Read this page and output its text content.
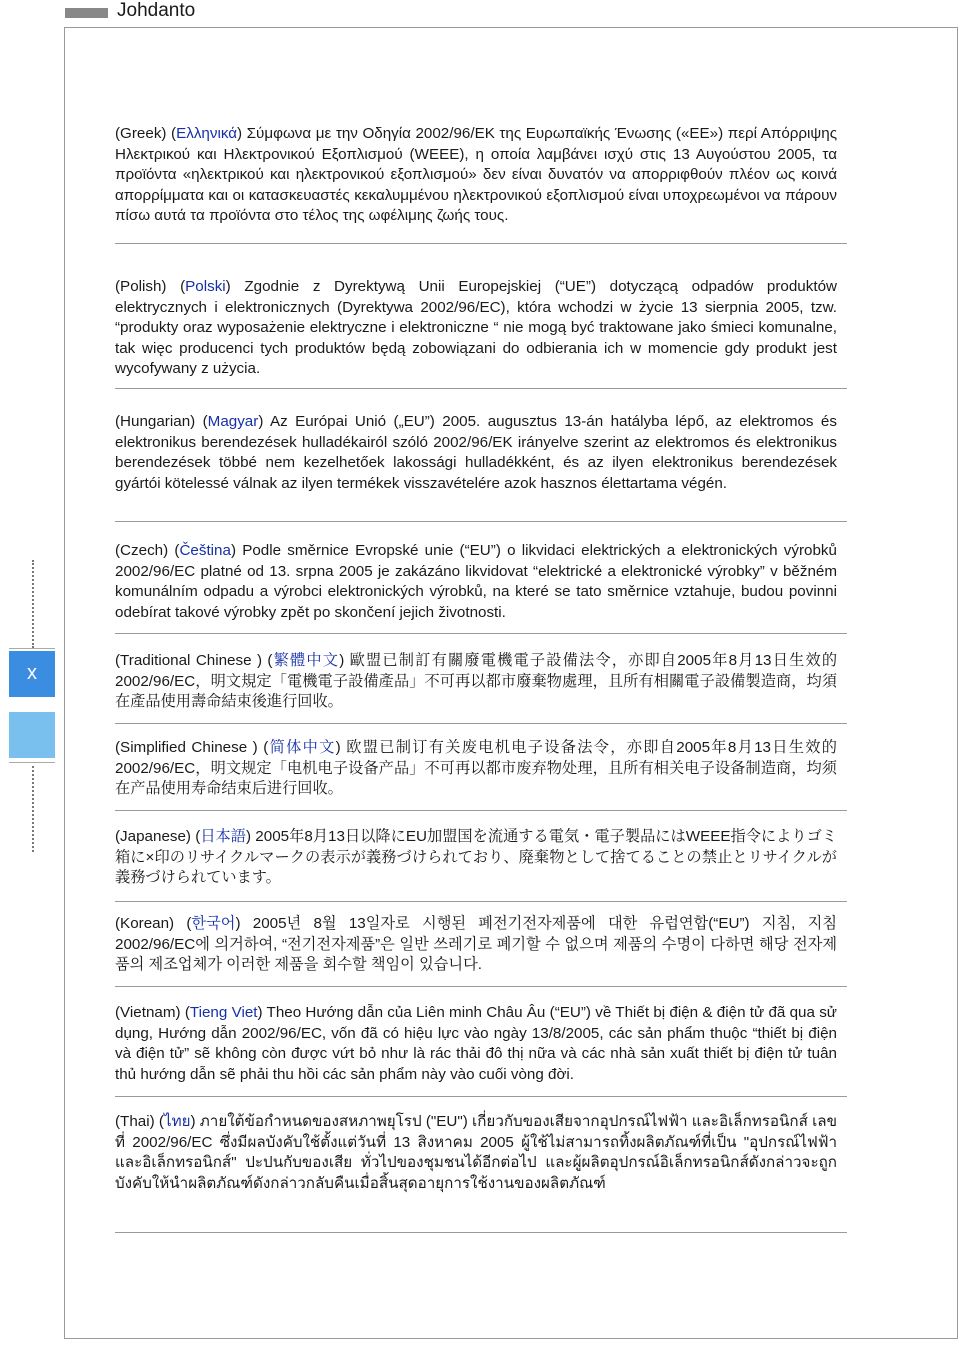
Johdanto
x

(Greek) (Ελληνικά) Σύμφωνα με την Οδηγία 2002/96/ΕΚ της Ευρωπαϊκής Ένωσης («ΕΕ») περί Απόρριψης Ηλεκτρικού και Ηλεκτρονικού Εξοπλισμού (WEEE), η οποία λαμβάνει ισχύ στις 13 Αυγούστου 2005, τα προϊόντα «ηλεκτρικού και ηλεκτρονικού εξοπλισμού» δεν είναι δυνατόν να απορριφθούν πλέον ως κοινά απορρίμματα και οι κατασκευαστές κεκαλυμμένου ηλεκτρονικού εξοπλισμού είναι υποχρεωμένοι να πάρουν πίσω αυτά τα προϊόντα στο τέλος της ωφέλιμης ζωής τους.

(Polish) (Polski) Zgodnie z Dyrektywą Unii Europejskiej (“UE”) dotyczącą odpadów produktów elektrycznych i elektronicznych (Dyrektywa 2002/96/EC), która wchodzi w życie 13 sierpnia 2005, tzw. “produkty oraz wyposażenie elektryczne i elektroniczne “ nie mogą być traktowane jako śmieci komunalne, tak więc producenci tych produktów będą zobowiązani do odbierania ich w momencie gdy produkt jest wycofywany z użycia.

(Hungarian) (Magyar) Az Európai Unió („EU”) 2005. augusztus 13-án hatályba lépő, az elektromos és elektronikus berendezések hulladékairól szóló 2002/96/EK irányelve szerint az elektromos és elektronikus berendezések többé nem kezelhetőek lakossági hulladékként, és az ilyen elektronikus berendezések gyártói kötelessé válnak az ilyen termékek visszavételére azok hasznos élettartama végén.

(Czech) (Čeština) Podle směrnice Evropské unie (“EU”) o likvidaci elektrických a elektronických výrobků 2002/96/EC platné od 13. srpna 2005 je zakázáno likvidovat “elektrické a elektronické výrobky” v běžném komunálním odpadu a výrobci elektronických výrobků, na které se tato směrnice vztahuje, budou povinni odebírat takové výrobky zpět po skončení jejich životnosti.

(Traditional Chinese ) (繁體中文) 歐盟已制訂有關廢電機電子設備法令，亦即自2005年8月13日生效的2002/96/EC，明文規定「電機電子設備產品」不可再以都市廢棄物處理，且所有相關電子設備製造商，均須在產品使用壽命結束後進行回收。

(Simplified Chinese ) (简体中文) 欧盟已制订有关废电机电子设备法令，亦即自2005年8月13日生效的2002/96/EC，明文规定「电机电子设备产品」不可再以都市废弃物处理，且所有相关电子设备制造商，均须在产品使用寿命结束后进行回收。

(Japanese) (日本語) 2005年8月13日以降にEU加盟国を流通する電気・電子製品にはWEEE指令によりゴミ箱に×印のリサイクルマークの表示が義務づけられており、廃棄物として捨てることの禁止とリサイクルが義務づけられています。

(Korean) (한국어) 2005년 8월 13일자로 시행된 폐전기전자제품에 대한 유럽연합(“EU”) 지침, 지침 2002/96/EC에 의거하여, “전기전자제품”은 일반 쓰레기로 폐기할 수 없으며 제품의 수명이 다하면 해당 전자제품의 제조업체가 이러한 제품을 회수할 책임이 있습니다.

(Vietnam) (Tieng Viet) Theo Hướng dẫn của Liên minh Châu Âu (“EU”) về Thiết bị điện & điện tử đã qua sử dụng, Hướng dẫn 2002/96/EC, vốn đã có hiệu lực vào ngày 13/8/2005, các sản phẩm thuộc “thiết bị điện và điện tử” sẽ không còn được vứt bỏ như là rác thải đô thị nữa và các nhà sản xuất thiết bị điện tử tuân thủ hướng dẫn sẽ phải thu hồi các sản phẩm này vào cuối vòng đời.

(Thai) (ไทย) ภายใต้ข้อกำหนดของสหภาพยุโรป ("EU") เกี่ยวกับของเสียจากอุปกรณ์ไฟฟ้า และอิเล็กทรอนิกส์ เลขที่ 2002/96/EC ซึ่งมีผลบังคับใช้ตั้งแต่วันที่ 13 สิงหาคม 2005 ผู้ใช้ไม่สามารถทิ้งผลิตภัณฑ์ที่เป็น "อุปกรณ์ไฟฟ้าและอิเล็กทรอนิกส์" ปะปนกับของเสีย ทั่วไปของชุมชนได้อีกต่อไป และผู้ผลิตอุปกรณ์อิเล็กทรอนิกส์ดังกล่าวจะถูกบังคับให้นำผลิตภัณฑ์ดังกล่าวกลับคืนเมื่อสิ้นสุดอายุการใช้งานของผลิตภัณฑ์
